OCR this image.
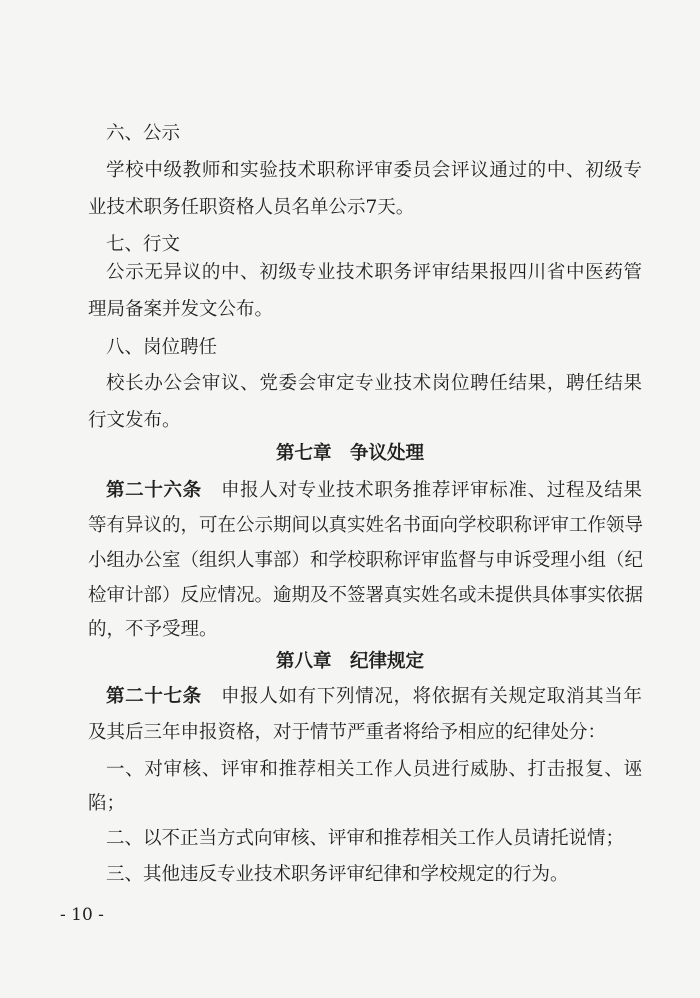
六、公示
学校中级教师和实验技术职称评审委员会评议通过的中、初级专
业技术职务任职资格人员名单公示7天。
七、行文
公示无异议的中、初级专业技术职务评审结果报四川省中医药管
理局备案并发文公布。
八、岗位聘任
校长办公会审议、党委会审定专业技术岗位聘任结果，聘任结果
行文发布。
第七章　争议处理
第二十六条　 申报人对专业技术职务推荐评审标准、过程及结果
等有异议的，可在公示期间以真实姓名书面向学校职称评审工作领导
小组办公室（组织人事部）和学校职称评审监督与申诉受理小组（纪
检审计部）反应情况。逾期及不签署真实姓名或未提供具体事实依据
的，不予受理。
第八章　纪律规定
第二十七条　 申报人如有下列情况，将依据有关规定取消其当年
及其后三年申报资格，对于情节严重者将给予相应的纪律处分：
一、对审核、评审和推荐相关工作人员进行威胁、打击报复、诬
陷；
二、以不正当方式向审核、评审和推荐相关工作人员请托说情；
三、其他违反专业技术职务评审纪律和学校规定的行为。
- 10 -
